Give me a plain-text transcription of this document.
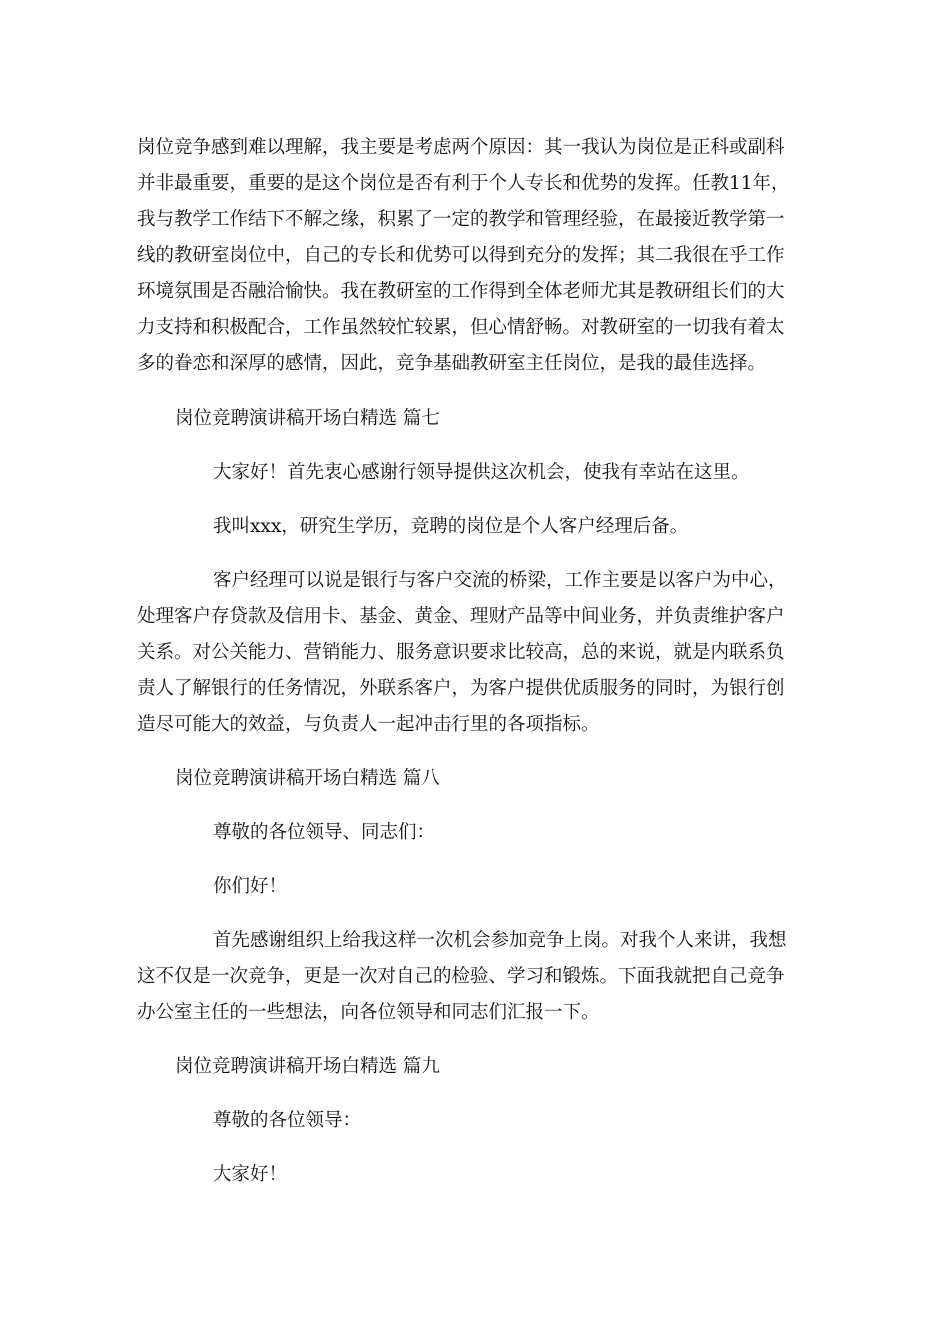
岗位竞争感到难以理解，我主要是考虑两个原因：其一我认为岗位是正科或副科

并非最重要，重要的是这个岗位是否有利于个人专长和优势的发挥。任教11年，

我与教学工作结下不解之缘，积累了一定的教学和管理经验，在最接近教学第一

线的教研室岗位中，自己的专长和优势可以得到充分的发挥；其二我很在乎工作

环境氛围是否融洽愉快。我在教研室的工作得到全体老师尤其是教研组长们的大

力支持和积极配合，工作虽然较忙较累，但心情舒畅。对教研室的一切我有着太

多的眷恋和深厚的感情，因此，竞争基础教研室主任岗位，是我的最佳选择。

岗位竞聘演讲稿开场白精选 篇七

大家好！首先衷心感谢行领导提供这次机会，使我有幸站在这里。

我叫xxx，研究生学历，竞聘的岗位是个人客户经理后备。

客户经理可以说是银行与客户交流的桥梁，工作主要是以客户为中心，

处理客户存贷款及信用卡、基金、黄金、理财产品等中间业务，并负责维护客户

关系。对公关能力、营销能力、服务意识要求比较高，总的来说，就是内联系负

责人了解银行的任务情况，外联系客户，为客户提供优质服务的同时，为银行创

造尽可能大的效益，与负责人一起冲击行里的各项指标。

岗位竞聘演讲稿开场白精选 篇八

尊敬的各位领导、同志们：

你们好！

首先感谢组织上给我这样一次机会参加竞争上岗。对我个人来讲，我想

这不仅是一次竞争，更是一次对自己的检验、学习和锻炼。下面我就把自己竞争

办公室主任的一些想法，向各位领导和同志们汇报一下。

岗位竞聘演讲稿开场白精选 篇九

尊敬的各位领导：

大家好！
